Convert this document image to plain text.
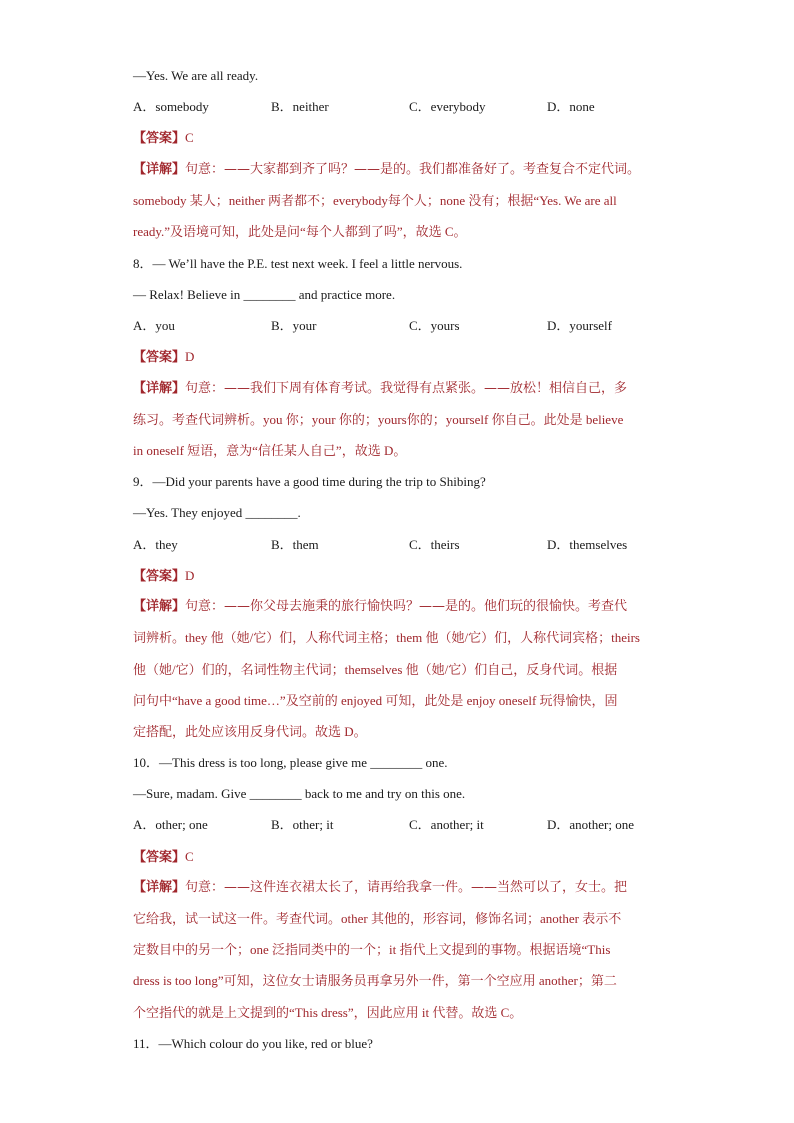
—Yes. We are all ready.
A．somebody	B．neither	C．everybody	D．none
【答案】C
【详解】句意：——大家都到齐了吗？——是的。我们都准备好了。考查复合不定代词。
somebody 某人；neither 两者都不；everybody每个人；none 没有；根据“Yes. We are all
ready.”及语境可知，此处是问“每个人都到了吗”，故选 C。
8．— We’ll have the P.E. test next week. I feel a little nervous.
— Relax! Believe in ________ and practice more.
A．you	B．your	C．yours	D．yourself
【答案】D
【详解】句意：——我们下周有体育考试。我觉得有点紧张。——放松！相信自己，多
练习。考查代词辨析。you 你；your 你的；yours你的；yourself 你自己。此处是 believe
in oneself 短语，意为“信任某人自己”，故选 D。
9．—Did your parents have a good time during the trip to Shibing?
—Yes. They enjoyed ________.
A．they	B．them	C．theirs	D．themselves
【答案】D
【详解】句意：——你父母去施秉的旅行愉快吗？——是的。他们玩的很愉快。考查代
词辨析。they 他（她/它）们，人称代词主格；them 他（她/它）们，人称代词宾格；theirs
他（她/它）们的，名词性物主代词；themselves 他（她/它）们自己，反身代词。根据
问句中“have a good time…”及空前的 enjoyed 可知，此处是 enjoy oneself 玩得愉快，固
定搭配，此处应该用反身代词。故选 D。
10．—This dress is too long, please give me ________ one.
—Sure, madam. Give ________ back to me and try on this one.
A．other; one	B．other; it	C．another; it	D．another; one
【答案】C
【详解】句意：——这件连衣裙太长了，请再给我拿一件。——当然可以了，女士。把
它给我，试一试这一件。考查代词。other 其他的，形容词，修饰名词；another 表示不
定数目中的另一个；one 泛指同类中的一个；it 指代上文提到的事物。根据语境“This
dress is too long”可知，这位女士请服务员再拿另外一件，第一个空应用 another；第二
个空指代的就是上文提到的“This dress”，因此应用 it 代替。故选 C。
11．—Which colour do you like, red or blue?
